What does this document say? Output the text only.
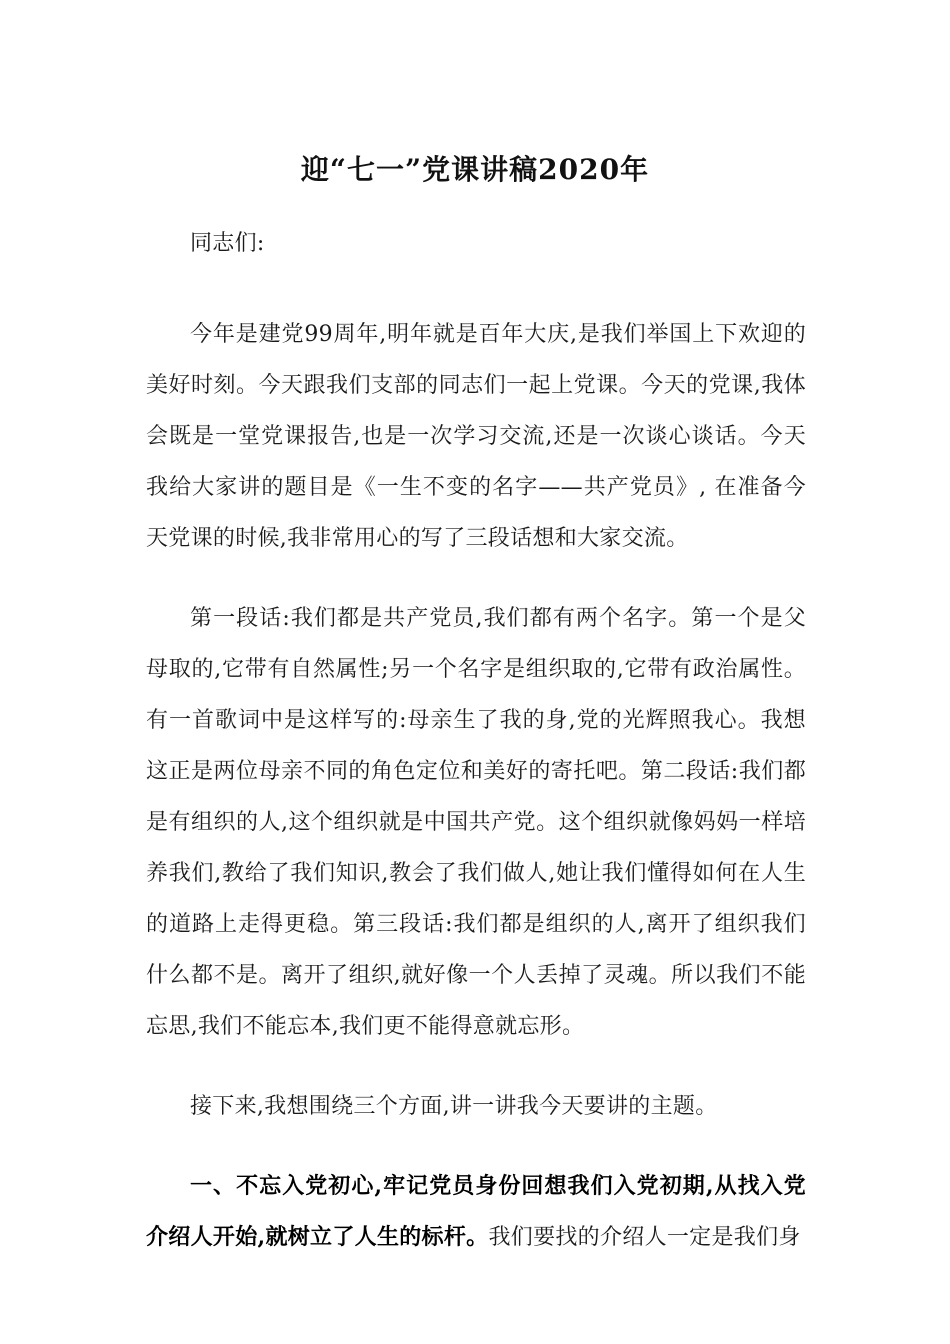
迎“七一”党课讲稿2020年

同志们:

今年是建党99周年,明年就是百年大庆,是我们举国上下欢迎的美好时刻。今天跟我们支部的同志们一起上党课。今天的党课,我体会既是一堂党课报告,也是一次学习交流,还是一次谈心谈话。今天我给大家讲的题目是《一生不变的名字——共产党员》, 在准备今天党课的时候,我非常用心的写了三段话想和大家交流。

第一段话:我们都是共产党员,我们都有两个名字。第一个是父母取的,它带有自然属性;另一个名字是组织取的,它带有政治属性。有一首歌词中是这样写的:母亲生了我的身,党的光辉照我心。我想这正是两位母亲不同的角色定位和美好的寄托吧。第二段话:我们都是有组织的人,这个组织就是中国共产党。这个组织就像妈妈一样培养我们,教给了我们知识,教会了我们做人,她让我们懂得如何在人生的道路上走得更稳。第三段话:我们都是组织的人,离开了组织我们什么都不是。离开了组织,就好像一个人丢掉了灵魂。所以我们不能忘思,我们不能忘本,我们更不能得意就忘形。

接下来,我想围绕三个方面,讲一讲我今天要讲的主题。

一、不忘入党初心,牢记党员身份回想我们入党初期,从找入党介绍人开始,就树立了人生的标杆。我们要找的介绍人一定是我们身
